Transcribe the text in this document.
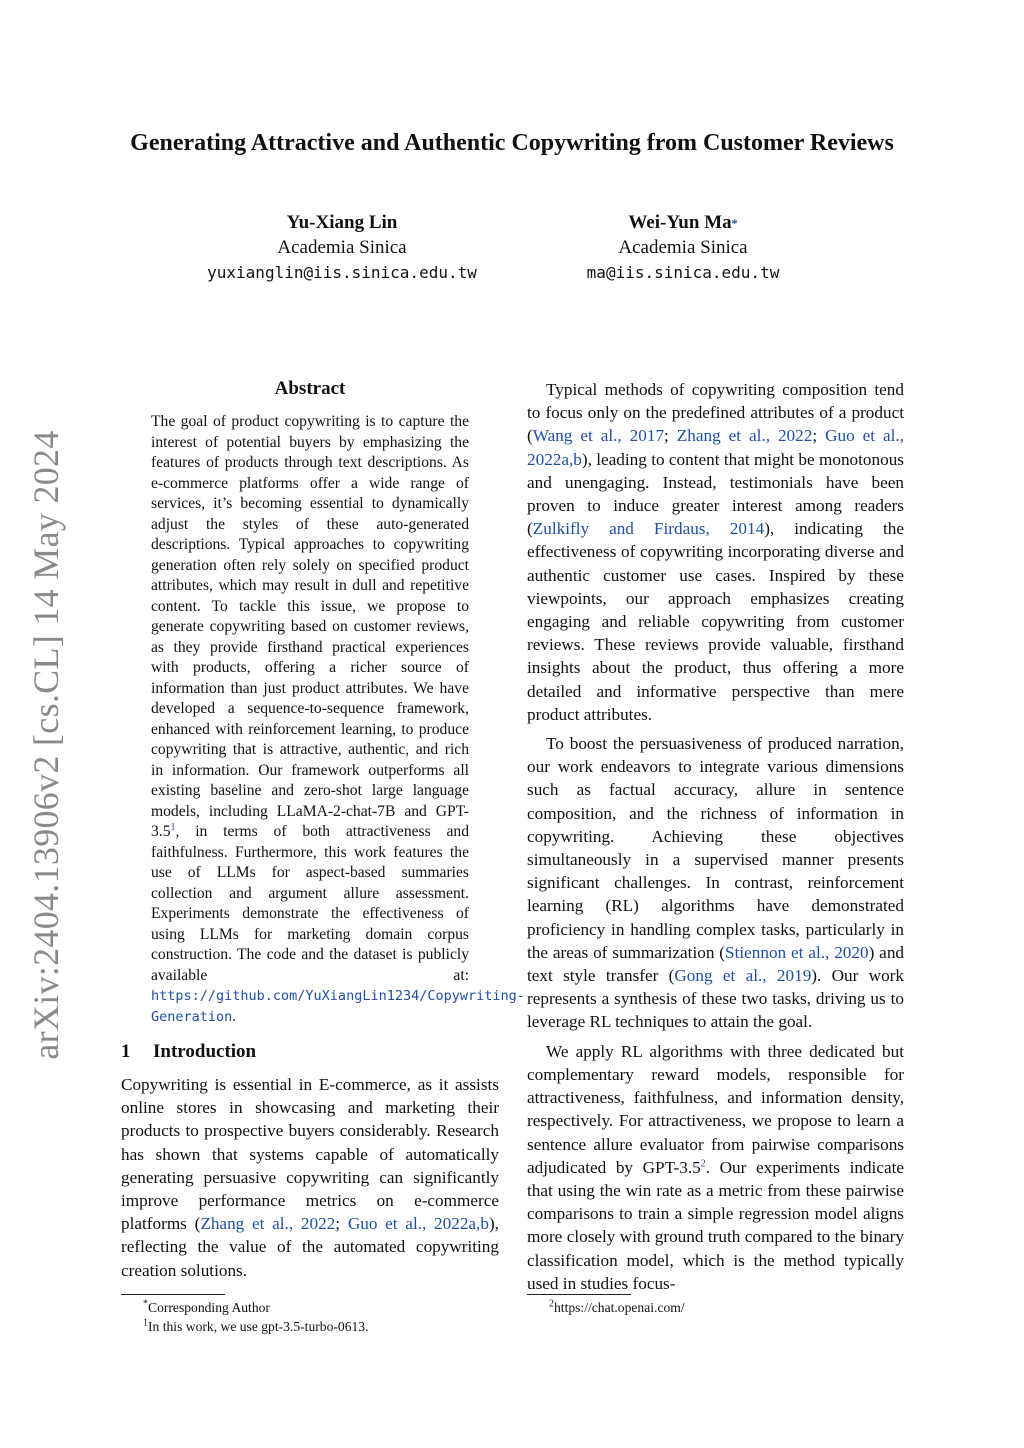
arXiv:2404.13906v2 [cs.CL] 14 May 2024
Generating Attractive and Authentic Copywriting from Customer Reviews
Yu-Xiang Lin
Academia Sinica
yuxianglin@iis.sinica.edu.tw
Wei-Yun Ma*
Academia Sinica
ma@iis.sinica.edu.tw
Abstract

The goal of product copywriting is to capture the interest of potential buyers by emphasizing the features of products through text descriptions. As e-commerce platforms offer a wide range of services, it’s becoming essential to dynamically adjust the styles of these auto-generated descriptions. Typical approaches to copywriting generation often rely solely on specified product attributes, which may result in dull and repetitive content. To tackle this issue, we propose to generate copywriting based on customer reviews, as they provide firsthand practical experiences with products, offering a richer source of information than just product attributes. We have developed a sequence-to-sequence framework, enhanced with reinforcement learning, to produce copywriting that is attractive, authentic, and rich in information. Our framework outperforms all existing baseline and zero-shot large language models, including LLaMA-2-chat-7B and GPT-$3.5^1$, in terms of both attractiveness and faithfulness. Furthermore, this work features the use of LLMs for aspect-based summaries collection and argument allure assessment. Experiments demonstrate the effectiveness of using LLMs for marketing domain corpus construction. The code and the dataset is publicly available at: https://github.com/YuXiangLin1234/Copywriting-Generation.

1 Introduction

Copywriting is essential in E-commerce, as it assists online stores in showcasing and marketing their products to prospective buyers considerably. Research has shown that systems capable of automatically generating persuasive copywriting can significantly improve performance metrics on e-commerce platforms (Zhang et al., 2022; Guo et al., 2022a,b), reflecting the value of the automated copywriting creation solutions.

Typical methods of copywriting composition tend to focus only on the predefined attributes of a product (Wang et al., 2017; Zhang et al., 2022; Guo et al., 2022a,b), leading to content that might be monotonous and unengaging. Instead, testimonials have been proven to induce greater interest among readers (Zulkifly and Firdaus, 2014), indicating the effectiveness of copywriting incorporating diverse and authentic customer use cases. Inspired by these viewpoints, our approach emphasizes creating engaging and reliable copywriting from customer reviews. These reviews provide valuable, firsthand insights about the product, thus offering a more detailed and informative perspective than mere product attributes.

To boost the persuasiveness of produced narration, our work endeavors to integrate various dimensions such as factual accuracy, allure in sentence composition, and the richness of information in copywriting. Achieving these objectives simultaneously in a supervised manner presents significant challenges. In contrast, reinforcement learning (RL) algorithms have demonstrated proficiency in handling complex tasks, particularly in the areas of summarization (Stiennon et al., 2020) and text style transfer (Gong et al., 2019). Our work represents a synthesis of these two tasks, driving us to leverage RL techniques to attain the goal.

We apply RL algorithms with three dedicated but complementary reward models, responsible for attractiveness, faithfulness, and information density, respectively. For attractiveness, we propose to learn a sentence allure evaluator from pairwise comparisons adjudicated by GPT-$3.5^2$. Our experiments indicate that using the win rate as a metric from these pairwise comparisons to train a simple regression model aligns more closely with ground truth compared to the binary classification model, which is the method typically used in studies focus-

*Corresponding Author
$^1$In this work, we use gpt-3.5-turbo-0613.
$^2$https://chat.openai.com/
